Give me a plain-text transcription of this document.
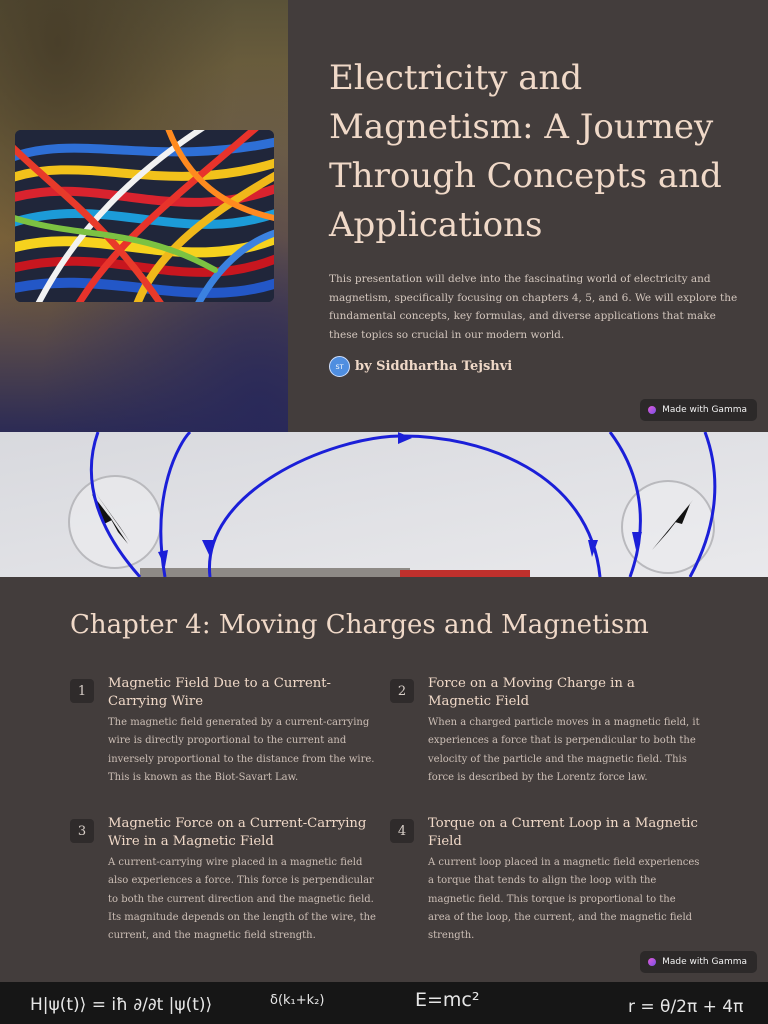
Electricity and Magnetism: A Journey Through Concepts and Applications

This presentation will delve into the fascinating world of electricity and magnetism, specifically focusing on chapters 4, 5, and 6. We will explore the fundamental concepts, key formulas, and diverse applications that make these topics so crucial in our modern world.

ST by Siddhartha Tejshvi
Made with Gamma
Chapter 4: Moving Charges and Magnetism
1	Magnetic Field Due to a Current-Carrying Wire

The magnetic field generated by a current-carrying wire is directly proportional to the current and inversely proportional to the distance from the wire. This is known as the Biot-Savart Law.

2	Force on a Moving Charge in a Magnetic Field

When a charged particle moves in a magnetic field, it experiences a force that is perpendicular to both the velocity of the particle and the magnetic field. This force is described by the Lorentz force law.

3	Magnetic Force on a Current-Carrying Wire in a Magnetic Field

A current-carrying wire placed in a magnetic field also experiences a force. This force is perpendicular to both the current direction and the magnetic field. Its magnitude depends on the length of the wire, the current, and the magnetic field strength.

4	Torque on a Current Loop in a Magnetic Field

A current loop placed in a magnetic field experiences a torque that tends to align the loop with the magnetic field. This torque is proportional to the area of the loop, the current, and the magnetic field strength.

Made with Gamma
H|ψ(t)⟩ = iħ ∂/∂t |ψ(t)⟩	δ(k₁+k₂)	E=mc²	r = θ/2π + 4π
